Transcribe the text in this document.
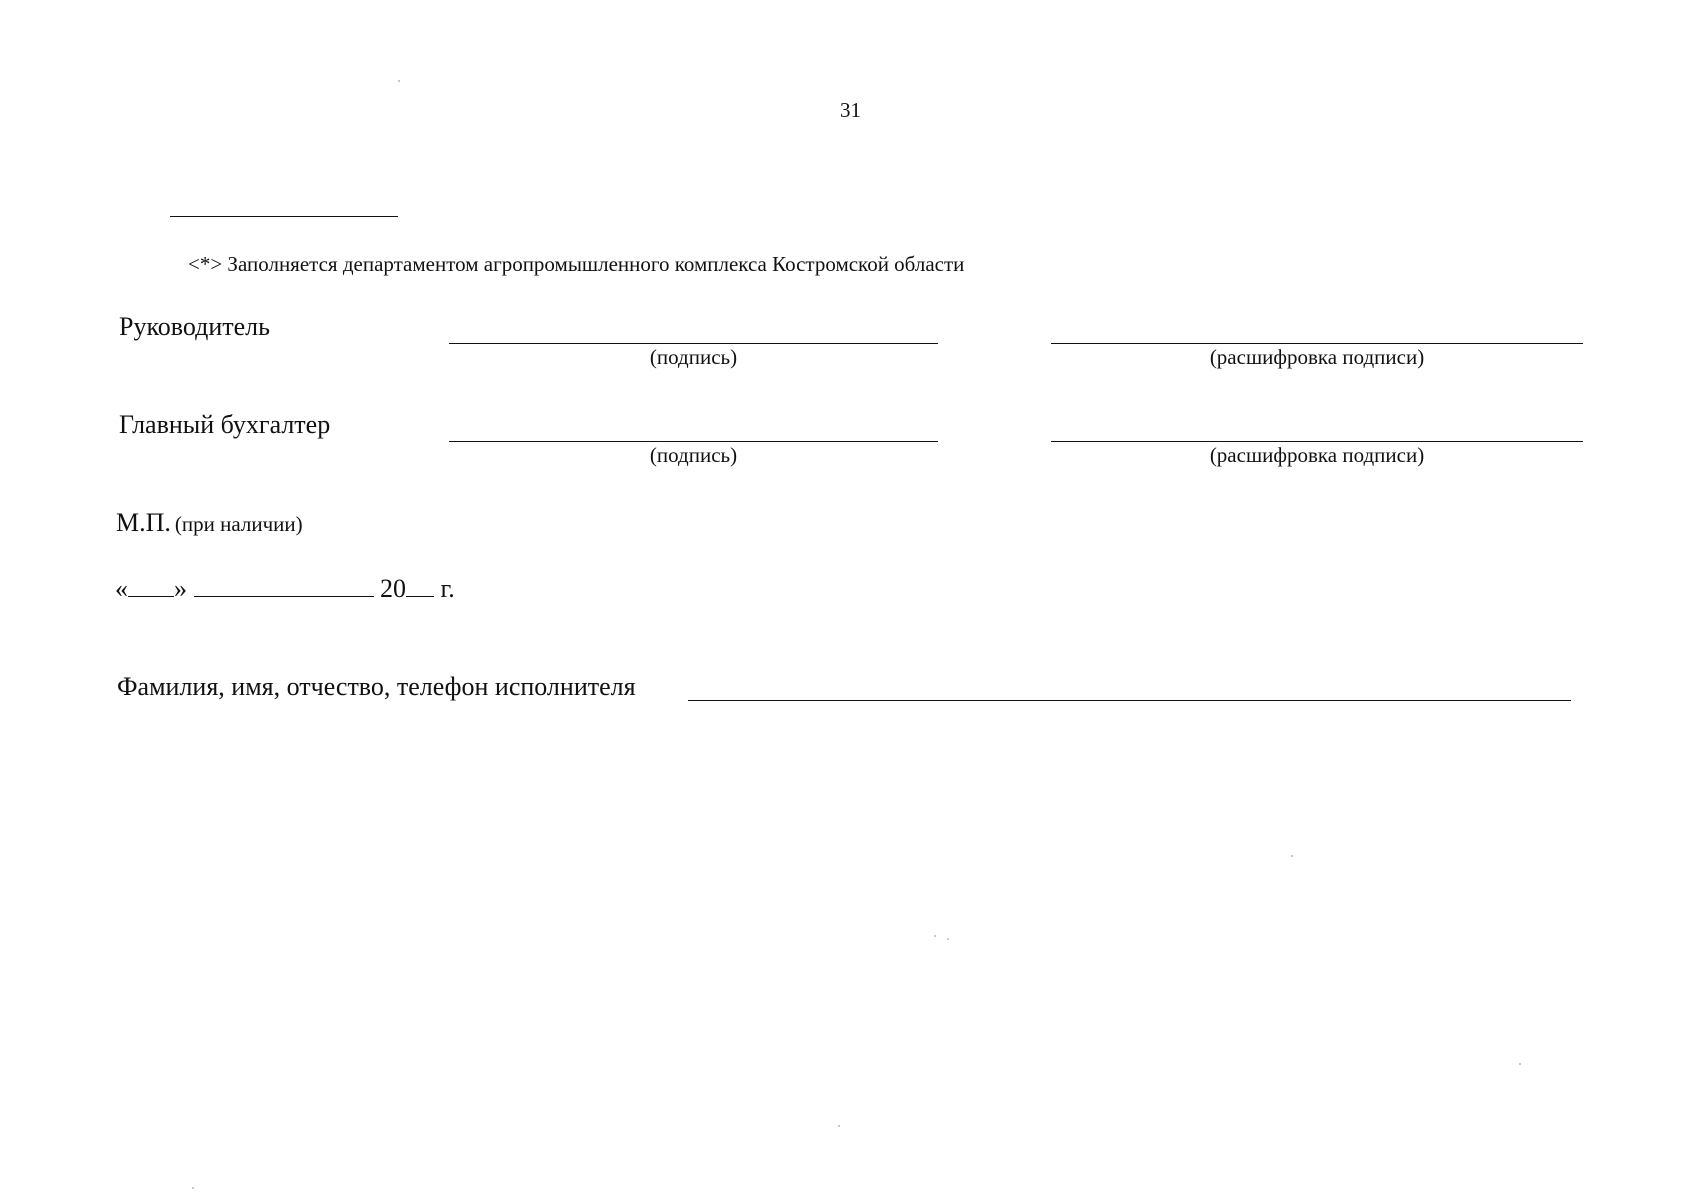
31
<*> Заполняется департаментом агропромышленного комплекса Костромской области
Руководитель
(подпись)	(расшифровка подписи)
Главный бухгалтер
(подпись)	(расшифровка подписи)
М.П. (при наличии)
« »	20 г.
Фамилия, имя, отчество, телефон исполнителя
